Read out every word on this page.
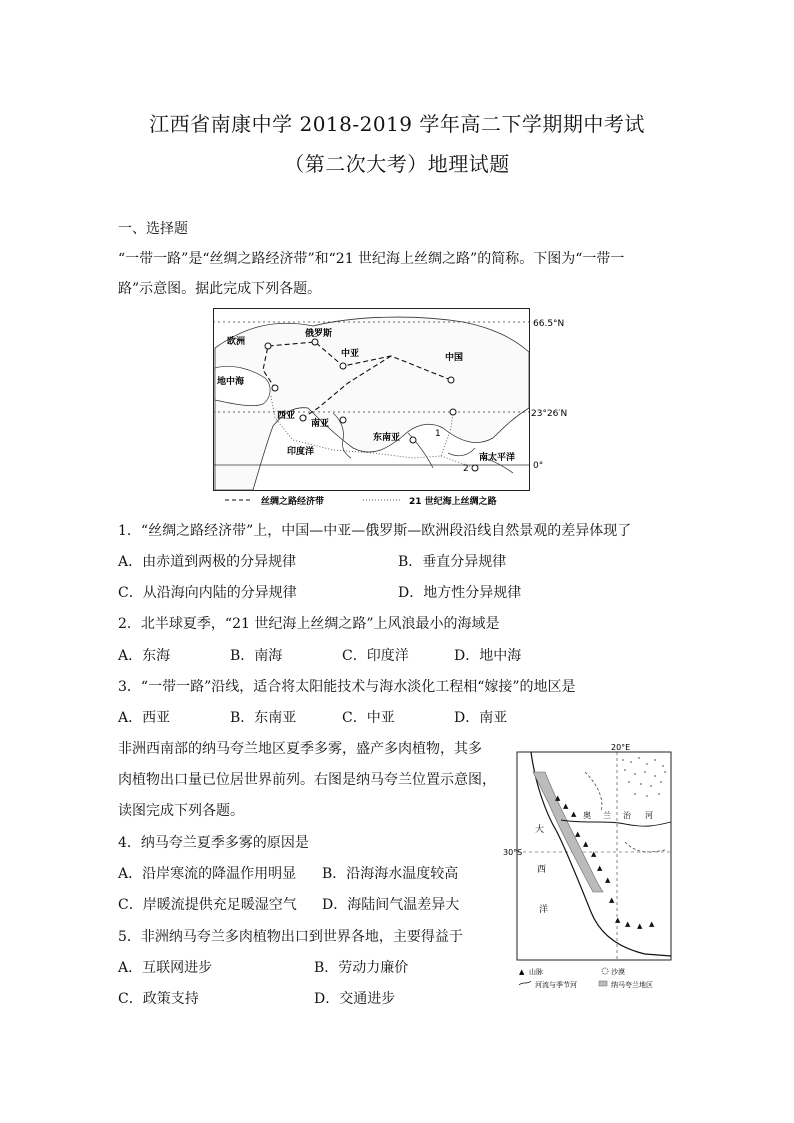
江西省南康中学 2018-2019 学年高二下学期期中考试
（第二次大考）地理试题
一、选择题
“一带一路”是“丝绸之路经济带”和“21 世纪海上丝绸之路”的简称。下图为“一带一
路”示意图。据此完成下列各题。
66.5°N
23°26′N
0°
欧洲
俄罗斯
中亚	中国
地中海
西亚
南亚
东南亚
印度洋
南太平洋
1
2
丝绸之路经济带	21 世纪海上丝绸之路
1．“丝绸之路经济带”上，中国—中亚—俄罗斯—欧洲段沿线自然景观的差异体现了
A．由赤道到两极的分异规律	B．垂直分异规律
C．从沿海向内陆的分异规律	D．地方性分异规律
2．北半球夏季，“21 世纪海上丝绸之路”上风浪最小的海域是
A．东海	B．南海	C．印度洋	D．地中海
3．“一带一路”沿线，适合将太阳能技术与海水淡化工程相“嫁接”的地区是
A．西亚	B．东南亚	C．中亚	D．南亚
非洲西南部的纳马夸兰地区夏季多雾，盛产多肉植物，其多
肉植物出口量已位居世界前列。右图是纳马夸兰位置示意图，
读图完成下列各题。
20°E
30°S
▲
▲
▲
▲
▲
▲
▲
▲
▲
▲ ▲ ▲ ▲
大
西
洋
奥 兰 治 河
▲ 山脉	沙漠
河流与季节河	纳马夸兰地区
4．纳马夸兰夏季多雾的原因是
A．沿岸寒流的降温作用明显 B．沿海海水温度较高
C．岸暖流提供充足暖湿空气 D．海陆间气温差异大
5．非洲纳马夸兰多肉植物出口到世界各地，主要得益于
A．互联网进步	B．劳动力廉价
C．政策支持	D．交通进步
